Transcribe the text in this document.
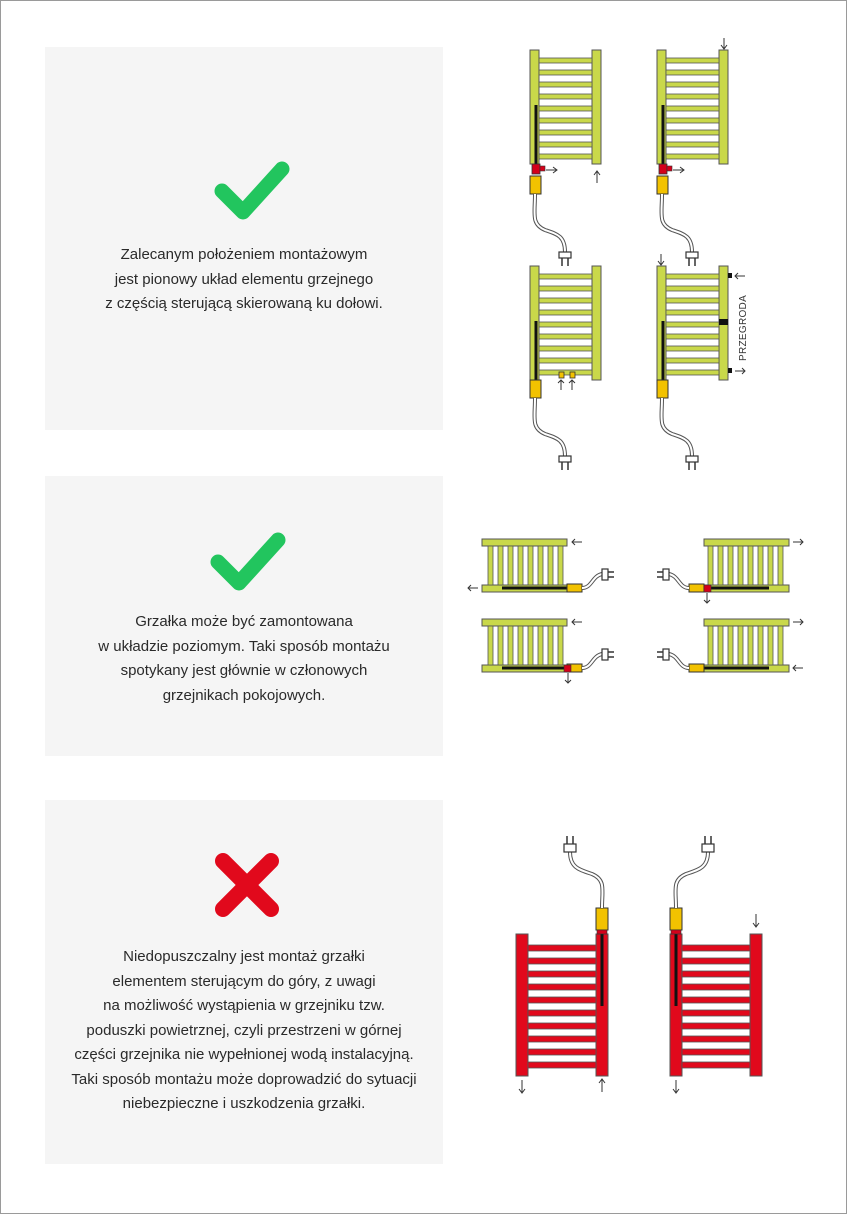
Zalecanym położeniem montażowym
jest pionowy układ elementu grzejnego
z częścią sterującą skierowaną ku dołowi.	PRZEGRODA
Grzałka może być zamontowana
w układzie poziomym. Taki sposób montażu
spotykany jest głównie w członowych
grzejnikach pokojowych.
Niedopuszczalny jest montaż grzałki
elementem sterującym do góry, z uwagi
na możliwość wystąpienia w grzejniku tzw.
poduszki powietrznej, czyli przestrzeni w górnej
części grzejnika nie wypełnionej wodą instalacyjną.
Taki sposób montażu może doprowadzić do sytuacji
niebezpieczne i uszkodzenia grzałki.
